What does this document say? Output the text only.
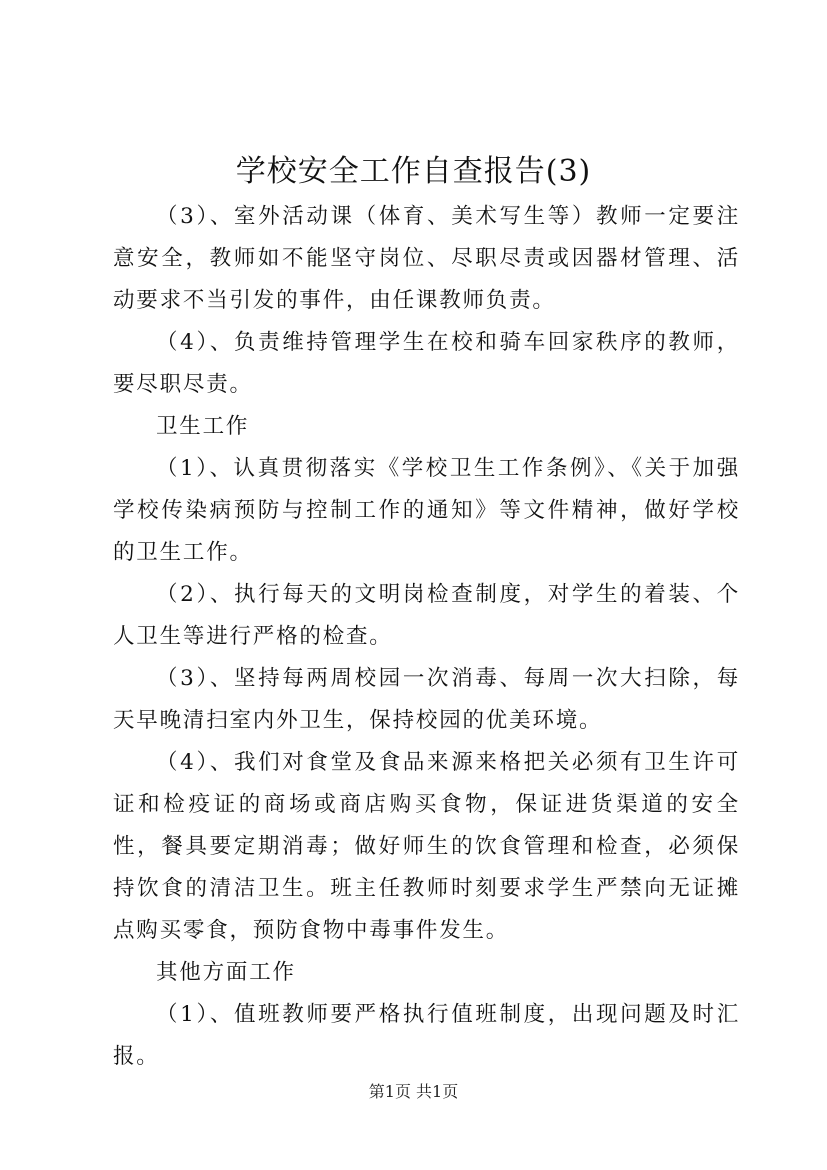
学校安全工作自查报告(3)

（3）、室外活动课（体育、美术写生等）教师一定要注意安全，教师如不能坚守岗位、尽职尽责或因器材管理、活动要求不当引发的事件，由任课教师负责。

（4）、负责维持管理学生在校和骑车回家秩序的教师，要尽职尽责。

卫生工作

（1）、认真贯彻落实《学校卫生工作条例》、《关于加强学校传染病预防与控制工作的通知》等文件精神，做好学校的卫生工作。

（2）、执行每天的文明岗检查制度，对学生的着装、个人卫生等进行严格的检查。

（3）、坚持每两周校园一次消毒、每周一次大扫除，每天早晚清扫室内外卫生，保持校园的优美环境。

（4）、我们对食堂及食品来源来格把关必须有卫生许可证和检疫证的商场或商店购买食物，保证进货渠道的安全性，餐具要定期消毒；做好师生的饮食管理和检查，必须保持饮食的清洁卫生。班主任教师时刻要求学生严禁向无证摊点购买零食，预防食物中毒事件发生。

其他方面工作

（1）、值班教师要严格执行值班制度，出现问题及时汇报。

第1页 共1页
